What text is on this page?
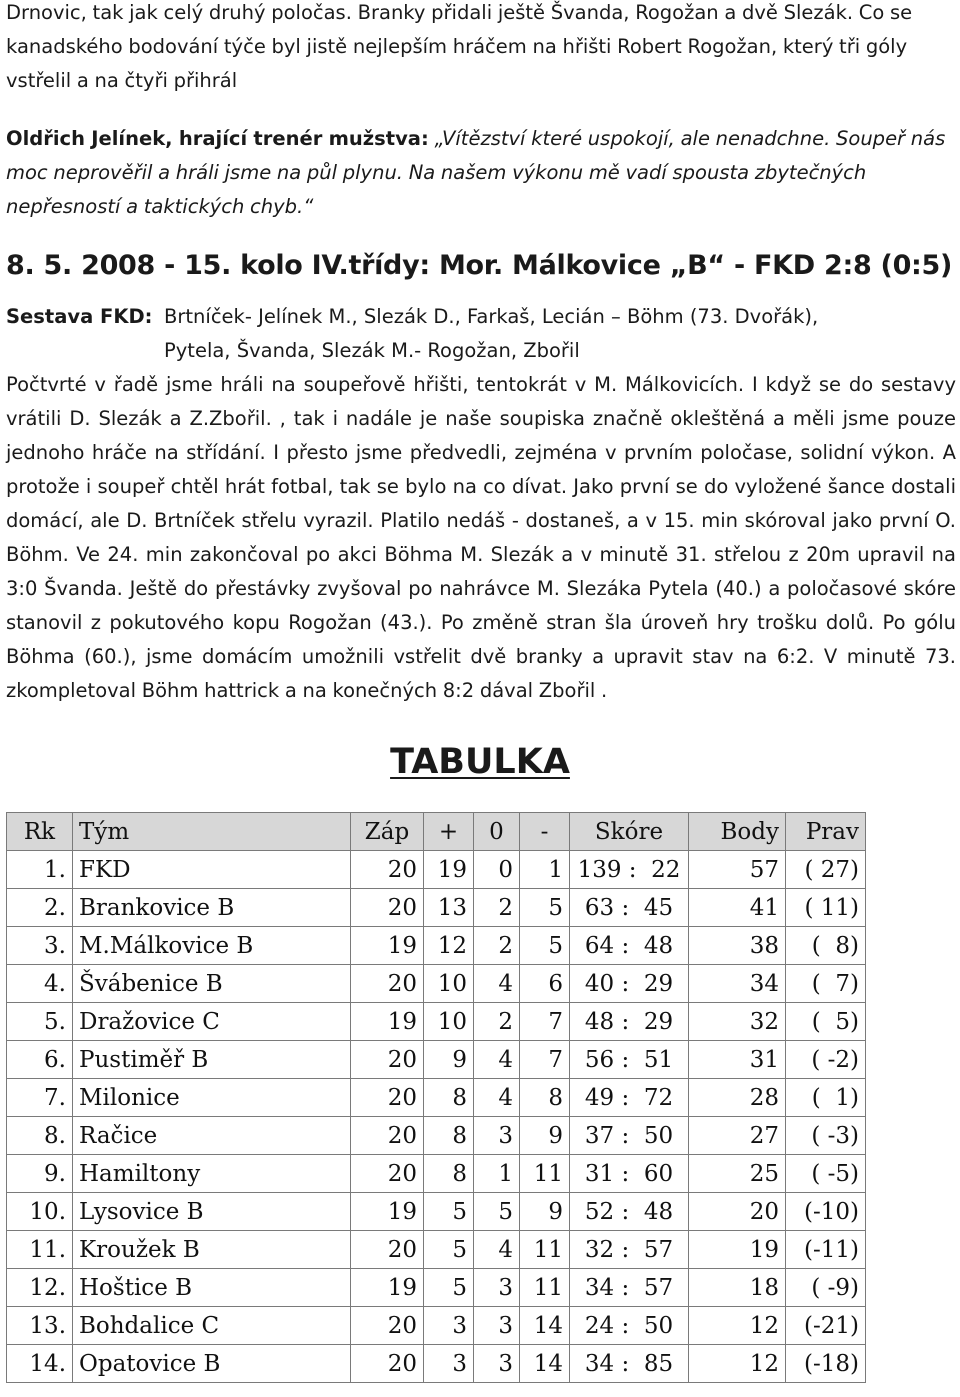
Drnovic, tak jak celý druhý poločas. Branky přidali ještě Švanda, Rogožan a dvě Slezák. Co se kanadského bodování týče byl jistě nejlepším hráčem na hřišti Robert Rogožan, který tři góly vstřelil a na čtyři přihrál

Oldřich Jelínek, hrající trenér mužstva: „Vítězství které uspokojí, ale nenadchne. Soupeř nás moc neprověřil a hráli jsme na půl plynu. Na našem výkonu mě vadí spousta zbytečných nepřesností a taktických chyb.“

8. 5. 2008 - 15. kolo IV.třídy: Mor. Málkovice „B“ - FKD 2:8 (0:5)
Sestava FKD: Brtníček- Jelínek M., Slezák D., Farkaš, Lecián – Böhm (73. Dvořák),
Pytela, Švanda, Slezák M.- Rogožan, Zbořil

Počtvrté v řadě jsme hráli na soupeřově hřišti, tentokrát v M. Málkovicích. I když se do sestavy vrátili D. Slezák a Z.Zbořil. , tak i nadále je naše soupiska značně okleštěná a měli jsme pouze jednoho hráče na střídání. I přesto jsme předvedli, zejména v prvním poločase, solidní výkon. A protože i soupeř chtěl hrát fotbal, tak se bylo na co dívat. Jako první se do vyložené šance dostali domácí, ale D. Brtníček střelu vyrazil. Platilo nedáš - dostaneš, a v 15. min skóroval jako první O. Böhm. Ve 24. min zakončoval po akci Böhma M. Slezák a v minutě 31. střelou z 20m upravil na 3:0 Švanda. Ještě do přestávky zvyšoval po nahrávce M. Slezáka Pytela (40.) a poločasové skóre stanovil z pokutového kopu Rogožan (43.). Po změně stran šla úroveň hry trošku dolů. Po gólu Böhma (60.), jsme domácím umožnili vstřelit dvě branky a upravit stav na 6:2. V minutě 73. zkompletoval Böhm hattrick a na konečných 8:2 dával Zbořil .

TABULKA
Rk	Tým	Záp	+	0	-	Skóre	Body	Prav
1.	FKD	20	19	0	1	139 :  22	57	( 27)
2.	Brankovice B	20	13	2	5	63 :  45	41	( 11)
3.	M.Málkovice B	19	12	2	5	64 :  48	38	(  8)
4.	Švábenice B	20	10	4	6	40 :  29	34	(  7)
5.	Dražovice C	19	10	2	7	48 :  29	32	(  5)
6.	Pustiměř B	20	9	4	7	56 :  51	31	( -2)
7.	Milonice	20	8	4	8	49 :  72	28	(  1)
8.	Račice	20	8	3	9	37 :  50	27	( -3)
9.	Hamiltony	20	8	1	11	31 :  60	25	( -5)
10.	Lysovice B	19	5	5	9	52 :  48	20	(-10)
11.	Kroužek B	20	5	4	11	32 :  57	19	(-11)
12.	Hoštice B	19	5	3	11	34 :  57	18	( -9)
13.	Bohdalice C	20	3	3	14	24 :  50	12	(-21)
14.	Opatovice B	20	3	3	14	34 :  85	12	(-18)
